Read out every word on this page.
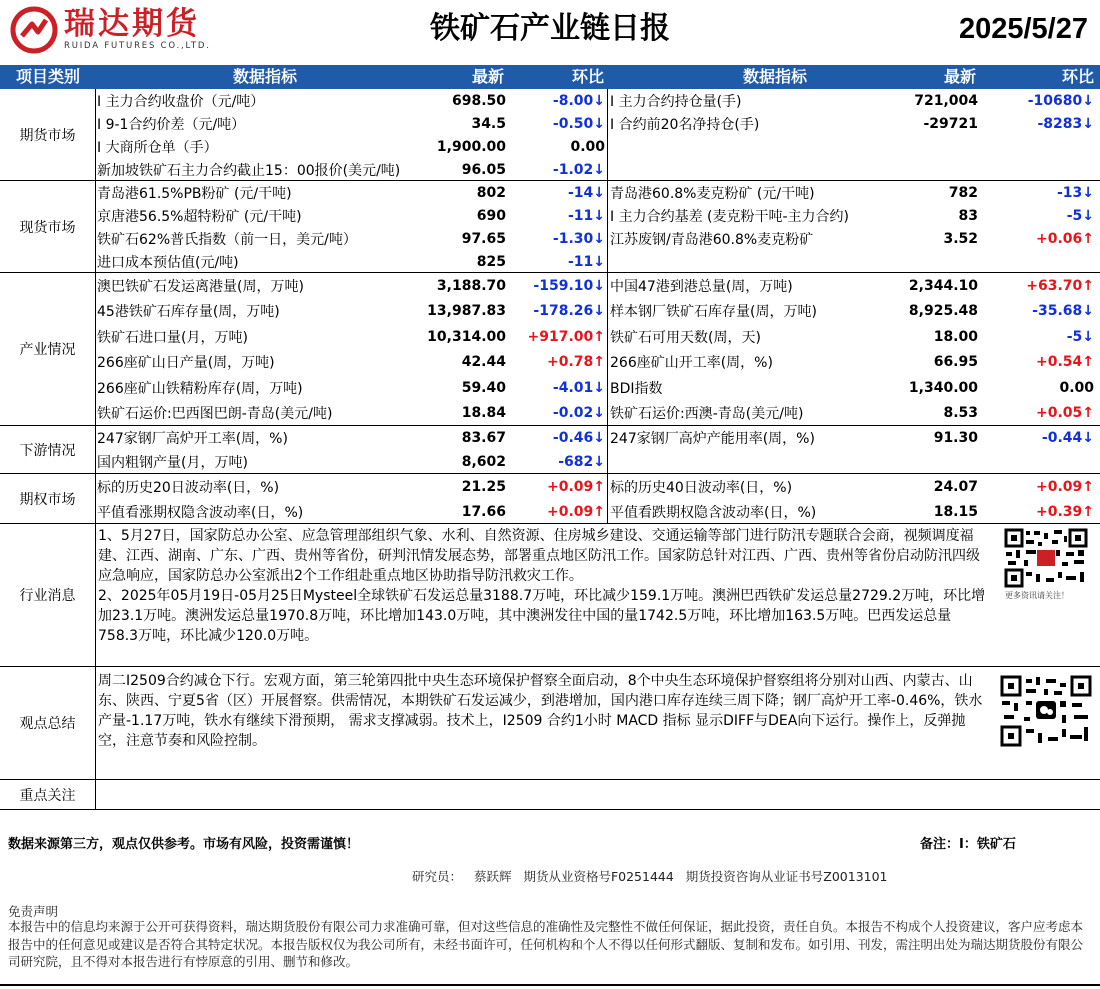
瑞达期货
RUIDA FUTURES CO.,LTD.	铁矿石产业链日报	2025/5/27
项目类别	数据指标	最新	环比	数据指标	最新	环比
期货市场
I 主力合约收盘价（元/吨）	698.50	-8.00↓ I 主力合约持仓量(手)	721,004	-10680↓
I 9-1合约价差（元/吨）	34.5	-0.50↓ I 合约前20名净持仓(手)	-29721	-8283↓
I 大商所仓单（手）	1,900.00	0.00
新加坡铁矿石主力合约截止15：00报价(美元/吨)	96.05	-1.02↓
现货市场
青岛港61.5%PB粉矿 (元/干吨)	802	-14↓ 青岛港60.8%麦克粉矿 (元/干吨)	782	-13↓
京唐港56.5%超特粉矿 (元/干吨)	690	-11↓ I 主力合约基差 (麦克粉干吨-主力合约)	83	-5↓
铁矿石62%普氏指数（前一日，美元/吨）	97.65	-1.30↓ 江苏废钢/青岛港60.8%麦克粉矿	3.52	+0.06↑
进口成本预估值(元/吨)	825	-11↓
产业情况
澳巴铁矿石发运离港量(周，万吨)	3,188.70	-159.10↓ 中国47港到港总量(周，万吨)	2,344.10	+63.70↑
45港铁矿石库存量(周，万吨)	13,987.83	-178.26↓ 样本钢厂铁矿石库存量(周，万吨)	8,925.48	-35.68↓
铁矿石进口量(月，万吨)	10,314.00	+917.00↑ 铁矿石可用天数(周，天)	18.00	-5↓
266座矿山日产量(周，万吨)	42.44	+0.78↑ 266座矿山开工率(周，%)	66.95	+0.54↑
266座矿山铁精粉库存(周，万吨)	59.40	-4.01↓ BDI指数	1,340.00	0.00
铁矿石运价:巴西图巴朗-青岛(美元/吨)	18.84	-0.02↓ 铁矿石运价:西澳-青岛(美元/吨)	8.53	+0.05↑
下游情况
247家钢厂高炉开工率(周，%)	83.67	-0.46↓ 247家钢厂高炉产能用率(周，%)	91.30	-0.44↓
国内粗钢产量(月，万吨)	8,602	-682↓
期权市场
标的历史20日波动率(日，%)	21.25	+0.09↑ 标的历史40日波动率(日，%)	24.07	+0.09↑
平值看涨期权隐含波动率(日，%)	17.66	+0.09↑ 平值看跌期权隐含波动率(日，%)	18.15	+0.39↑
行业消息
1、5月27日，国家防总办公室、应急管理部组织气象、水利、自然资源、住房城乡建设、交通运输等部门进行防汛专题联合会商，视频调度福建、江西、湖南、广东、广西、贵州等省份，研判汛情发展态势，部署重点地区防汛工作。国家防总针对江西、广西、贵州等省份启动防汛四级应急响应，国家防总办公室派出2个工作组赴重点地区协助指导防汛救灾工作。
2、2025年05月19日-05月25日Mysteel全球铁矿石发运总量3188.7万吨，环比减少159.1万吨。澳洲巴西铁矿发运总量2729.2万吨，环比增加23.1万吨。澳洲发运总量1970.8万吨，环比增加143.0万吨，其中澳洲发往中国的量1742.5万吨，环比增加163.5万吨。巴西发运总量758.3万吨，环比减少120.0万吨。
更多资讯请关注！
观点总结
周二I2509合约减仓下行。宏观方面，第三轮第四批中央生态环境保护督察全面启动，8个中央生态环境保护督察组将分别对山西、内蒙古、山东、陕西、宁夏5省（区）开展督察。供需情况，本期铁矿石发运减少，到港增加，国内港口库存连续三周下降；钢厂高炉开工率-0.46%，铁水产量-1.17万吨，铁水有继续下滑预期， 需求支撑减弱。技术上，I2509 合约1小时 MACD 指标 显示DIFF与DEA向下运行。操作上，反弹抛空，注意节奏和风险控制。
重点关注
数据来源第三方，观点仅供参考。市场有风险，投资需谨慎！	备注：I：铁矿石
研究员： 蔡跃辉 期货从业资格号F0251444 期货投资咨询从业证书号Z0013101
免责声明
本报告中的信息均来源于公开可获得资料，瑞达期货股份有限公司力求准确可靠，但对这些信息的准确性及完整性不做任何保证，据此投资，责任自负。本报告不构成个人投资建议，客户应考虑本报告中的任何意见或建议是否符合其特定状况。本报告版权仅为我公司所有，未经书面许可，任何机构和个人不得以任何形式翻版、复制和发布。如引用、刊发，需注明出处为瑞达期货股份有限公司研究院，且不得对本报告进行有悖原意的引用、删节和修改。
